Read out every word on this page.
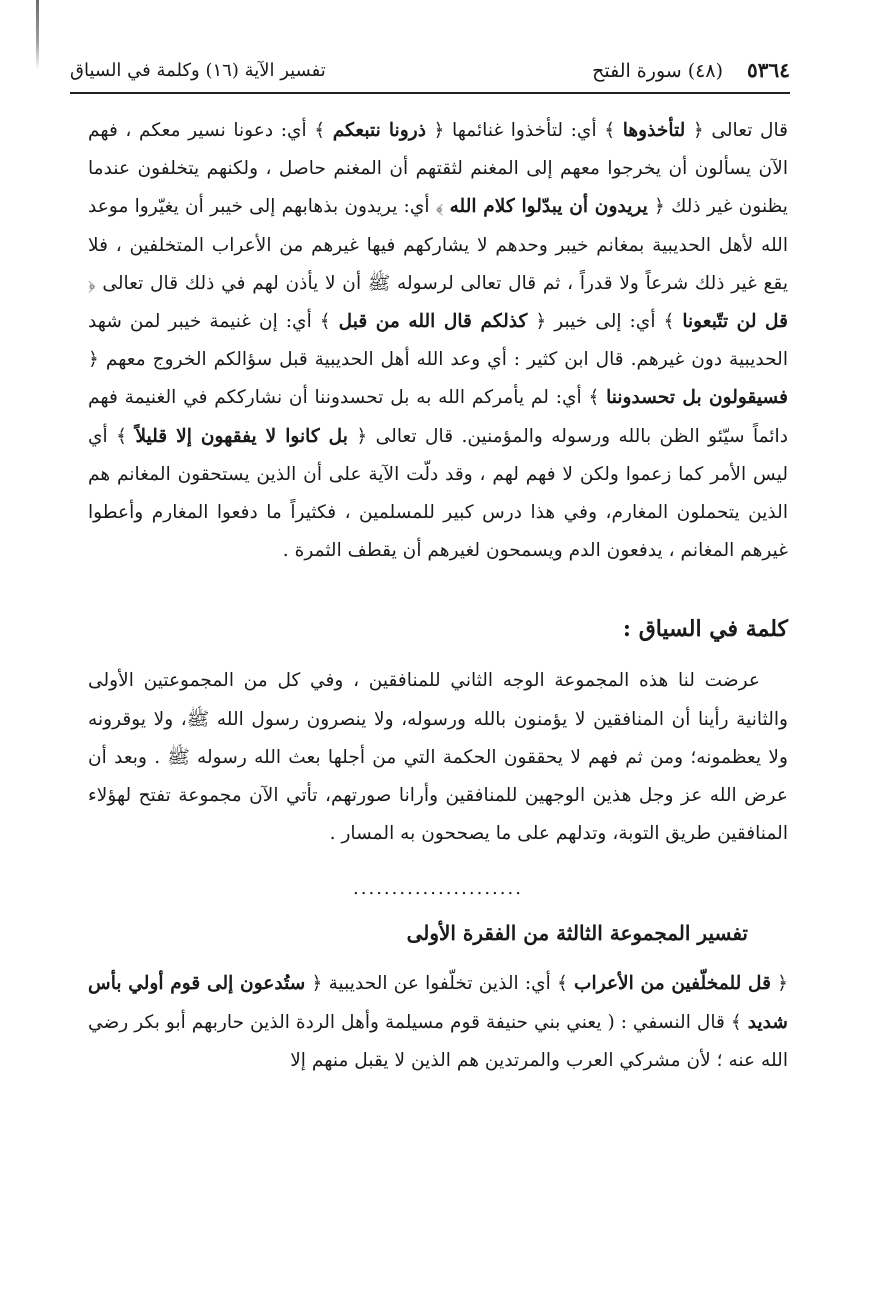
٥٣٦٤ (٤٨) سورة الفتح
تفسير الآية (١٦) وكلمة في السياق

قال تعالى ﴿ لتأخذوها ﴾ أي: لتأخذوا غنائمها ﴿ ذرونا نتبعكم ﴾ أي: دعونا نسير معكم ، فهم الآن يسألون أن يخرجوا معهم إلى المغنم لثقتهم أن المغنم حاصل ، ولكنهم يتخلفون عندما يظنون غير ذلك ﴿ يريدون أن يبدّلوا كلام الله ﴾ أي: يريدون بذهابهم إلى خيبر أن يغيّروا موعد الله لأهل الحديبية بمغانم خيبر وحدهم لا يشاركهم فيها غيرهم من الأعراب المتخلفين ، فلا يقع غير ذلك شرعاً ولا قدراً ، ثم قال تعالى لرسوله ﷺ أن لا يأذن لهم في ذلك قال تعالى ﴿ قل لن تتّبعونا ﴾ أي: إلى خيبر ﴿ كذلكم قال الله من قبل ﴾ أي: إن غنيمة خيبر لمن شهد الحديبية دون غيرهم. قال ابن كثير : أي وعد الله أهل الحديبية قبل سؤالكم الخروج معهم ﴿ فسيقولون بل تحسدوننا ﴾ أي: لم يأمركم الله به بل تحسدوننا أن نشارككم في الغنيمة فهم دائماً سيّئو الظن بالله ورسوله والمؤمنين. قال تعالى ﴿ بل كانوا لا يفقهون إلا قليلاً ﴾ أي ليس الأمر كما زعموا ولكن لا فهم لهم ، وقد دلّت الآية على أن الذين يستحقون المغانم هم الذين يتحملون المغارم، وفي هذا درس كبير للمسلمين ، فكثيراً ما دفعوا المغارم وأعطوا غيرهم المغانم ، يدفعون الدم ويسمحون لغيرهم أن يقطف الثمرة .

كلمة في السياق :

عرضت لنا هذه المجموعة الوجه الثاني للمنافقين ، وفي كل من المجموعتين الأولى والثانية رأينا أن المنافقين لا يؤمنون بالله ورسوله، ولا ينصرون رسول الله ﷺ، ولا يوقرونه ولا يعظمونه؛ ومن ثم فهم لا يحققون الحكمة التي من أجلها بعث الله رسوله ﷺ . وبعد أن عرض الله عز وجل هذين الوجهين للمنافقين وأرانا صورتهم، تأتي الآن مجموعة تفتح لهؤلاء المنافقين طريق التوبة، وتدلهم على ما يصححون به المسار .

......................
تفسير المجموعة الثالثة من الفقرة الأولى

﴿ قل للمخلّفين من الأعراب ﴾ أي: الذين تخلّفوا عن الحديبية ﴿ ستُدعون إلى قوم أولي بأس شديد ﴾ قال النسفي : ( يعني بني حنيفة قوم مسيلمة وأهل الردة الذين حاربهم أبو بكر رضي الله عنه ؛ لأن مشركي العرب والمرتدين هم الذين لا يقبل منهم إلا
